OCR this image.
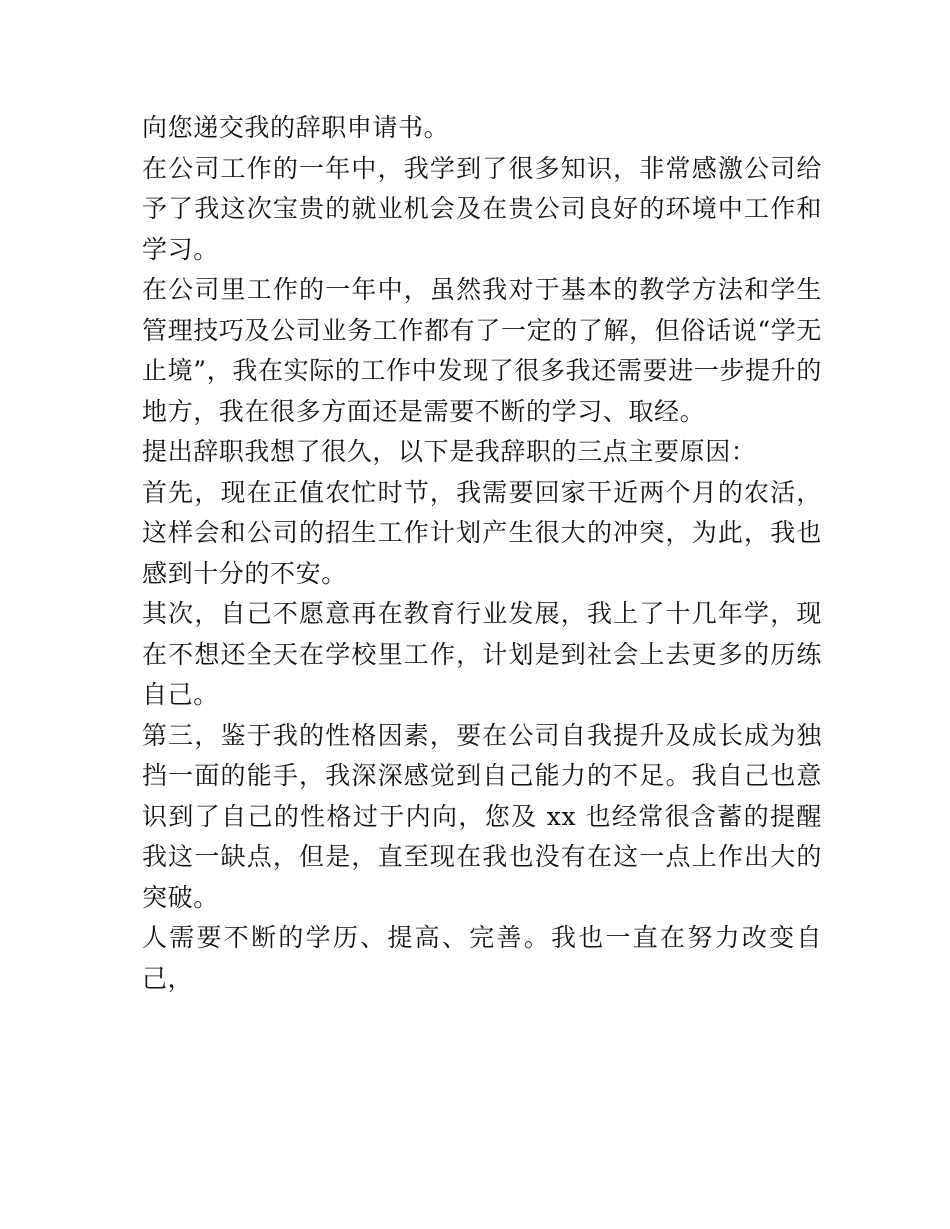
向您递交我的辞职申请书。

在公司工作的一年中，我学到了很多知识，非常感激公司给予了我这次宝贵的就业机会及在贵公司良好的环境中工作和学习。

在公司里工作的一年中，虽然我对于基本的教学方法和学生管理技巧及公司业务工作都有了一定的了解，但俗话说“学无止境”，我在实际的工作中发现了很多我还需要进一步提升的地方，我在很多方面还是需要不断的学习、取经。

提出辞职我想了很久，以下是我辞职的三点主要原因：

首先，现在正值农忙时节，我需要回家干近两个月的农活，这样会和公司的招生工作计划产生很大的冲突，为此，我也感到十分的不安。

其次，自己不愿意再在教育行业发展，我上了十几年学，现在不想还全天在学校里工作，计划是到社会上去更多的历练自己。

第三，鉴于我的性格因素，要在公司自我提升及成长成为独挡一面的能手，我深深感觉到自己能力的不足。我自己也意识到了自己的性格过于内向，您及 xx 也经常很含蓄的提醒我这一缺点，但是，直至现在我也没有在这一点上作出大的突破。

人需要不断的学历、提高、完善。我也一直在努力改变自己，
